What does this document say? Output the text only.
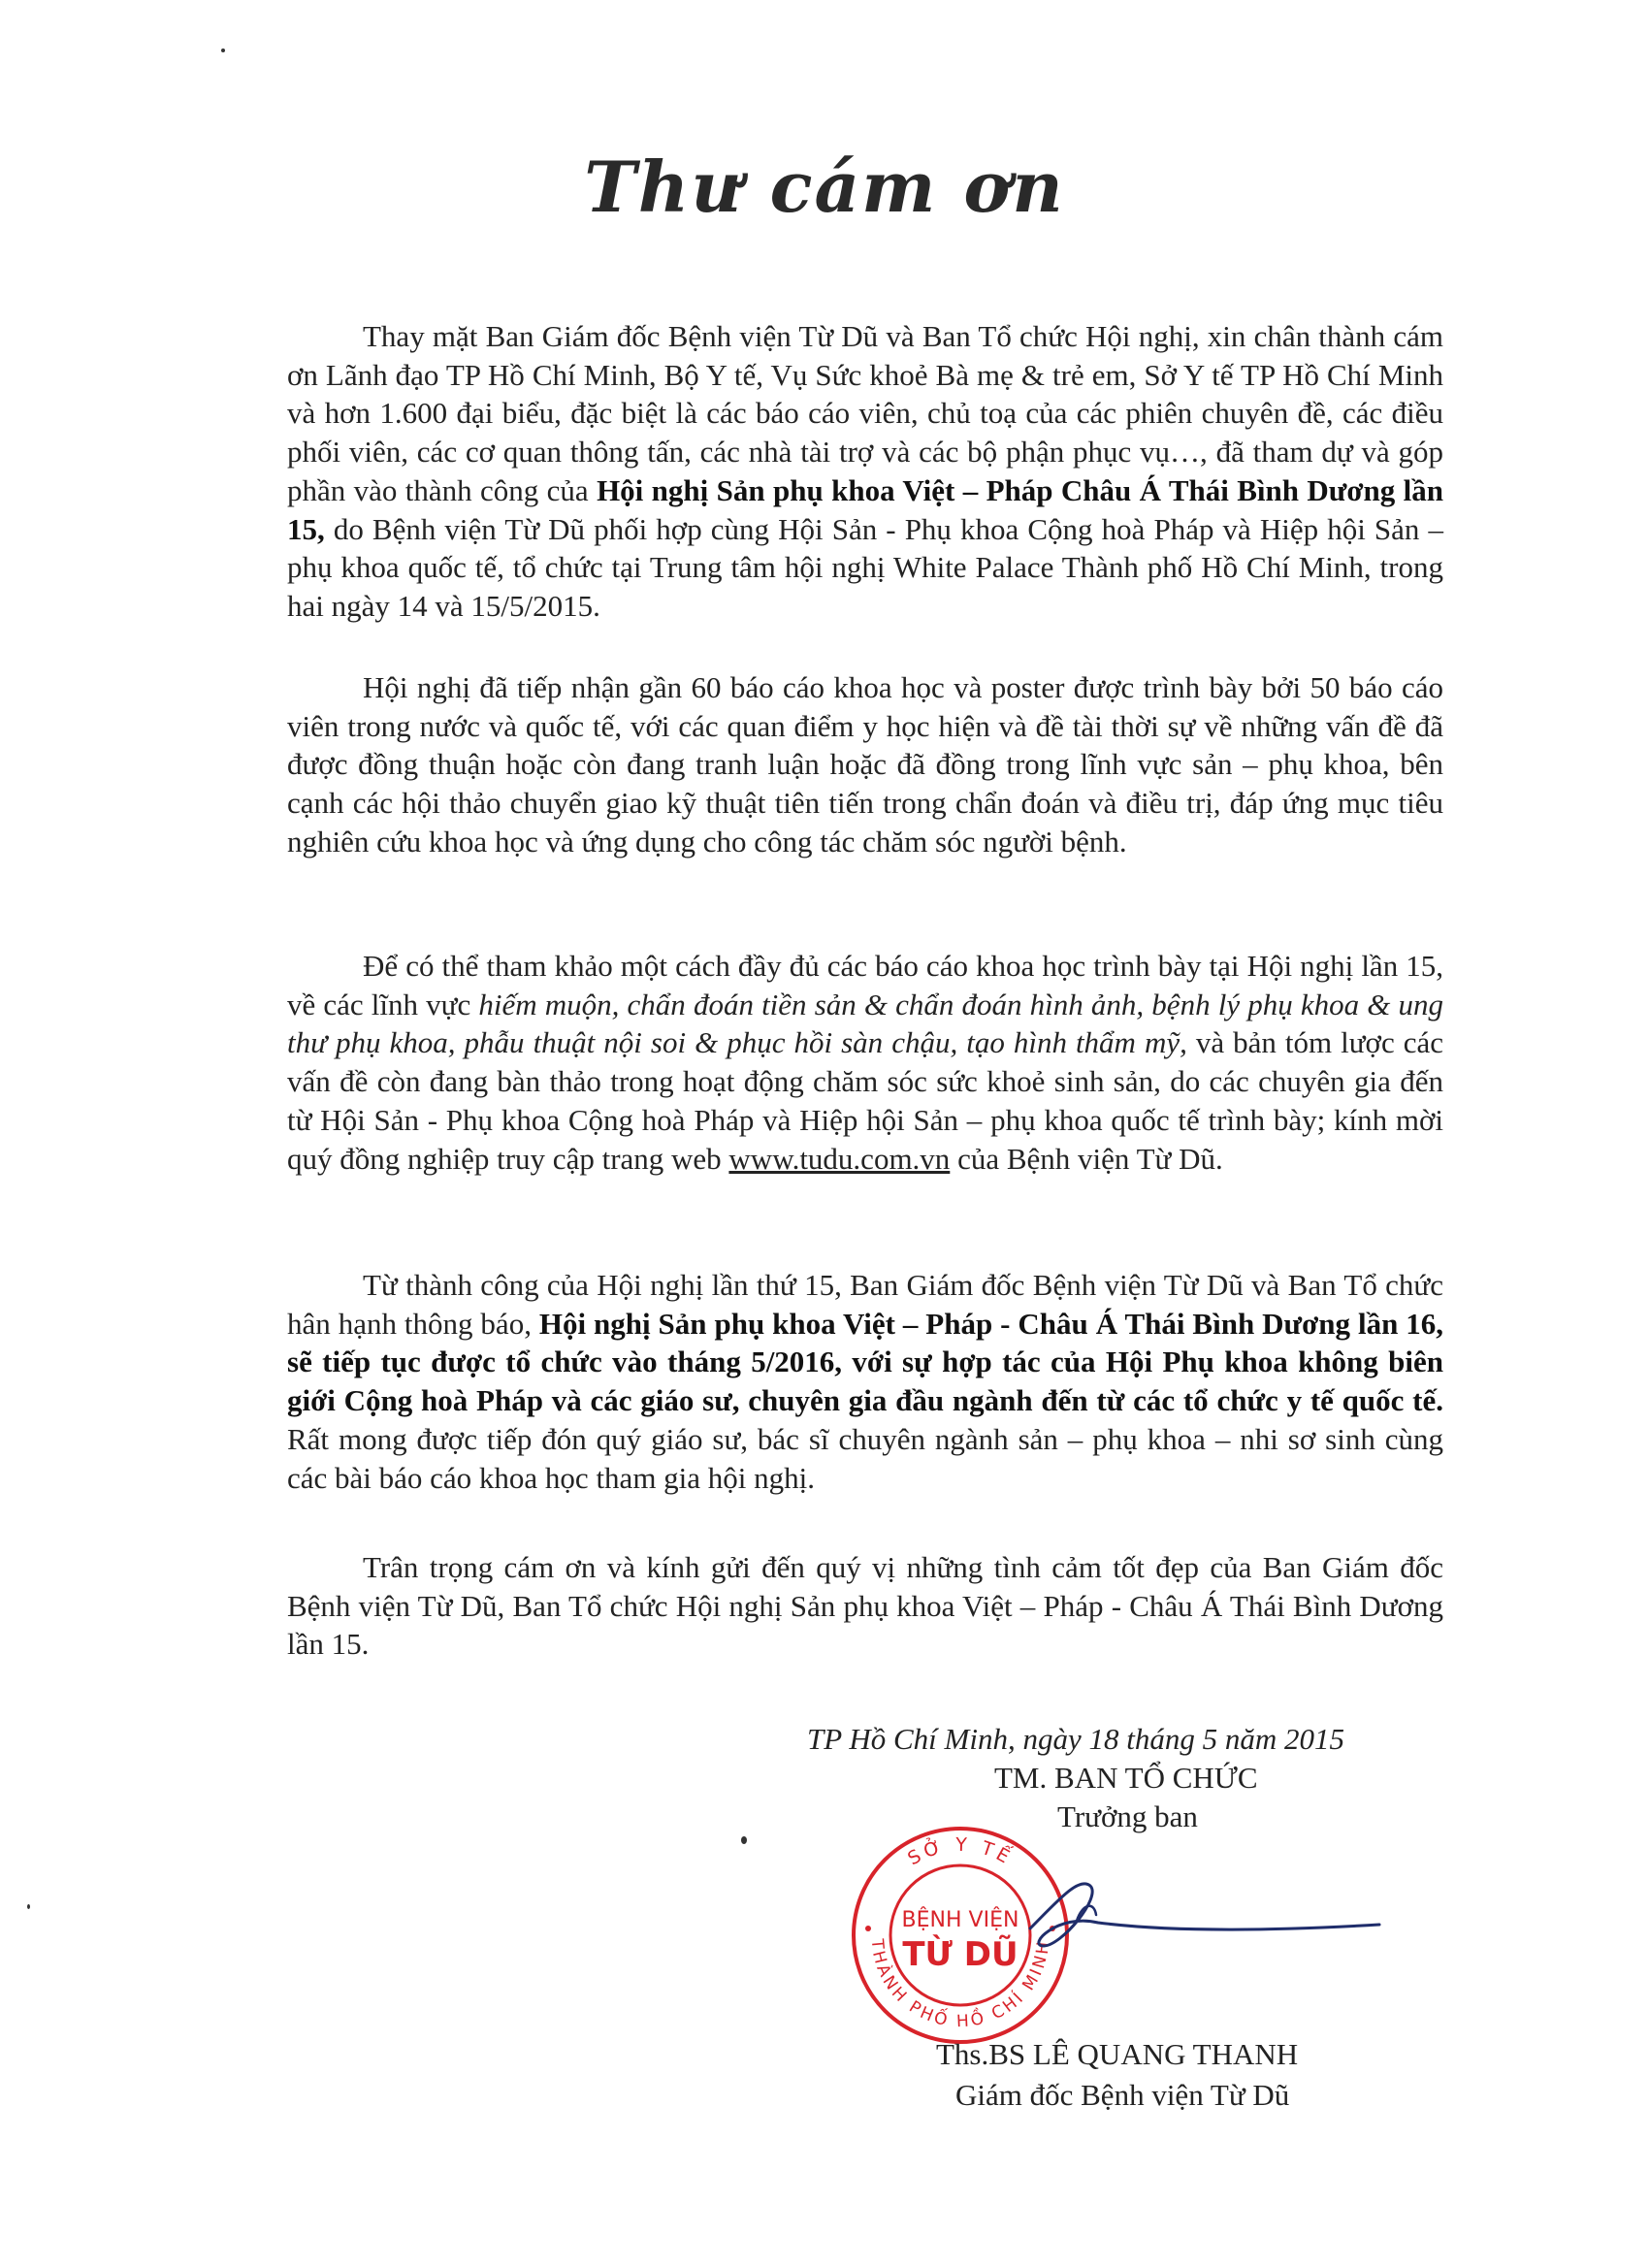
Thư cám ơn

Thay mặt Ban Giám đốc Bệnh viện Từ Dũ và Ban Tổ chức Hội nghị, xin chân thành cám ơn Lãnh đạo TP Hồ Chí Minh, Bộ Y tế, Vụ Sức khoẻ Bà mẹ & trẻ em, Sở Y tế TP Hồ Chí Minh và hơn 1.600 đại biểu, đặc biệt là các báo cáo viên, chủ toạ của các phiên chuyên đề, các điều phối viên, các cơ quan thông tấn, các nhà tài trợ và các bộ phận phục vụ…, đã tham dự và góp phần vào thành công của Hội nghị Sản phụ khoa Việt – Pháp Châu Á Thái Bình Dương lần 15, do Bệnh viện Từ Dũ phối hợp cùng Hội Sản - Phụ khoa Cộng hoà Pháp và Hiệp hội Sản – phụ khoa quốc tế, tổ chức tại Trung tâm hội nghị White Palace Thành phố Hồ Chí Minh, trong hai ngày 14 và 15/5/2015.

Hội nghị đã tiếp nhận gần 60 báo cáo khoa học và poster được trình bày bởi 50 báo cáo viên trong nước và quốc tế, với các quan điểm y học hiện và đề tài thời sự về những vấn đề đã được đồng thuận hoặc còn đang tranh luận hoặc đã đồng trong lĩnh vực sản – phụ khoa, bên cạnh các hội thảo chuyển giao kỹ thuật tiên tiến trong chẩn đoán và điều trị, đáp ứng mục tiêu nghiên cứu khoa học và ứng dụng cho công tác chăm sóc người bệnh.

Để có thể tham khảo một cách đầy đủ các báo cáo khoa học trình bày tại Hội nghị lần 15, về các lĩnh vực hiếm muộn, chẩn đoán tiền sản & chẩn đoán hình ảnh, bệnh lý phụ khoa & ung thư phụ khoa, phẫu thuật nội soi & phục hồi sàn chậu, tạo hình thẩm mỹ, và bản tóm lược các vấn đề còn đang bàn thảo trong hoạt động chăm sóc sức khoẻ sinh sản, do các chuyên gia đến từ Hội Sản - Phụ khoa Cộng hoà Pháp và Hiệp hội Sản – phụ khoa quốc tế trình bày; kính mời quý đồng nghiệp truy cập trang web www.tudu.com.vn của Bệnh viện Từ Dũ.

Từ thành công của Hội nghị lần thứ 15, Ban Giám đốc Bệnh viện Từ Dũ và Ban Tổ chức hân hạnh thông báo, Hội nghị Sản phụ khoa Việt – Pháp - Châu Á Thái Bình Dương lần 16, sẽ tiếp tục được tổ chức vào tháng 5/2016, với sự hợp tác của Hội Phụ khoa không biên giới Cộng hoà Pháp và các giáo sư, chuyên gia đầu ngành đến từ các tổ chức y tế quốc tế. Rất mong được tiếp đón quý giáo sư, bác sĩ chuyên ngành sản – phụ khoa – nhi sơ sinh cùng các bài báo cáo khoa học tham gia hội nghị.

Trân trọng cám ơn và kính gửi đến quý vị những tình cảm tốt đẹp của Ban Giám đốc Bệnh viện Từ Dũ, Ban Tổ chức Hội nghị Sản phụ khoa Việt – Pháp - Châu Á Thái Bình Dương lần 15.

TP Hồ Chí Minh, ngày 18 tháng 5 năm 2015
TM. BAN TỔ CHỨC
Trưởng ban
SỞ Y TẾ
THÀNH PHỐ HỒ CHÍ MINH
BỆNH VIỆN
TỪ DŨ
Ths.BS LÊ QUANG THANH
Giám đốc Bệnh viện Từ Dũ
